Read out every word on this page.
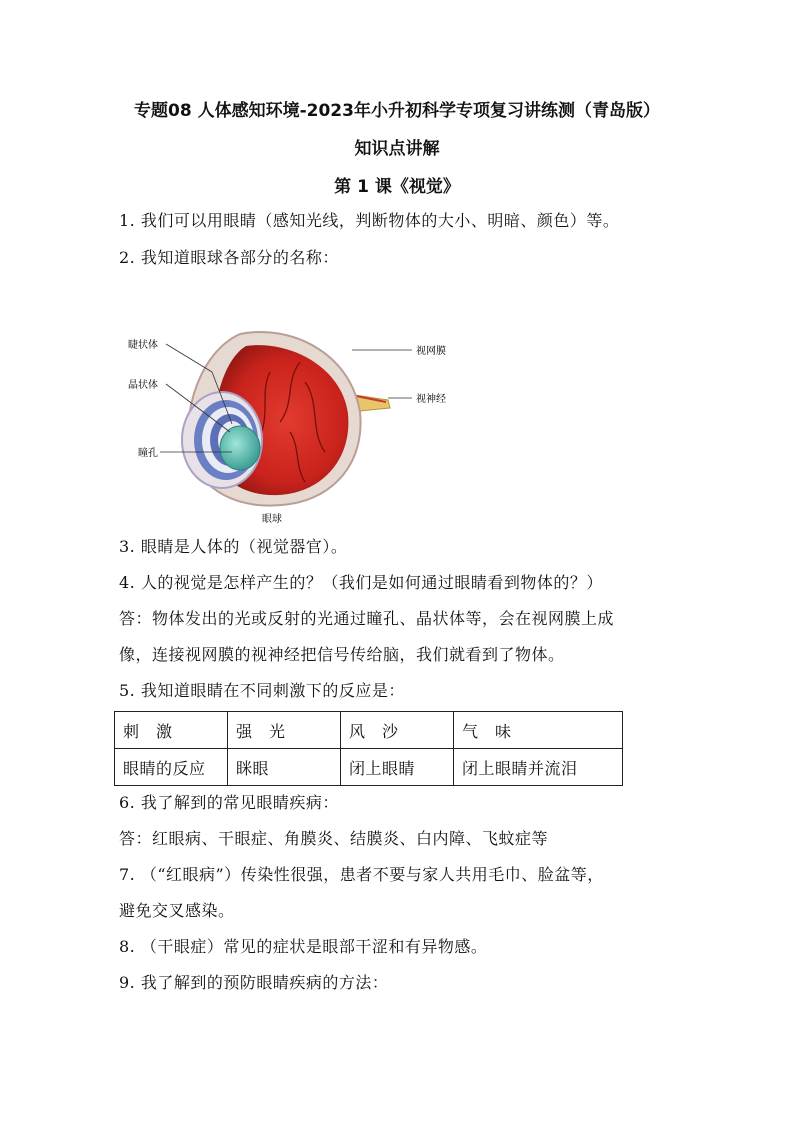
专题08 人体感知环境-2023年小升初科学专项复习讲练测（青岛版）
知识点讲解
第 1 课《视觉》
1. 我们可以用眼睛（感知光线，判断物体的大小、明暗、颜色）等。
2. 我知道眼球各部分的名称：
睫状体
晶状体
瞳孔
视网膜
视神经
眼球
3. 眼睛是人体的（视觉器官）。
4. 人的视觉是怎样产生的？（我们是如何通过眼睛看到物体的？）
答：物体发出的光或反射的光通过瞳孔、晶状体等，会在视网膜上成
像，连接视网膜的视神经把信号传给脑，我们就看到了物体。
5. 我知道眼睛在不同刺激下的反应是：
刺　激	强　光	风　沙	气　味
眼睛的反应	眯眼	闭上眼睛	闭上眼睛并流泪
6. 我了解到的常见眼睛疾病：
答：红眼病、干眼症、角膜炎、结膜炎、白内障、飞蚊症等
7. （“红眼病”）传染性很强，患者不要与家人共用毛巾、脸盆等，
避免交叉感染。
8. （干眼症）常见的症状是眼部干涩和有异物感。
9. 我了解到的预防眼睛疾病的方法：
